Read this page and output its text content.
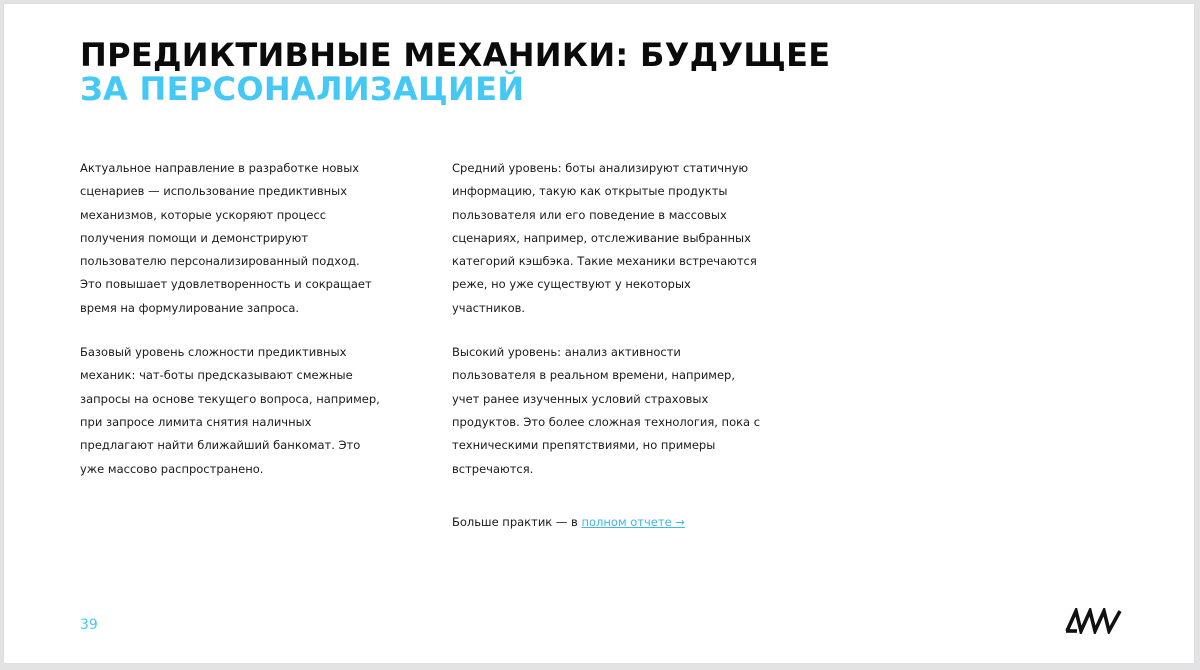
ПРЕДИКТИВНЫЕ МЕХАНИКИ: БУДУЩЕЕ
ЗА ПЕРСОНАЛИЗАЦИЕЙ

Актуальное направление в разработке новых сценариев — использование предиктивных механизмов, которые ускоряют процесс получения помощи и демонстрируют пользователю персонализированный подход. Это повышает удовлетворенность и сокращает время на формулирование запроса.

Базовый уровень сложности предиктивных механик: чат-боты предсказывают смежные запросы на основе текущего вопроса, например, при запросе лимита снятия наличных предлагают найти ближайший банкомат. Это уже массово распространено.

Средний уровень: боты анализируют статичную информацию, такую как открытые продукты пользователя или его поведение в массовых сценариях, например, отслеживание выбранных категорий кэшбэка. Такие механики встречаются реже, но уже существуют у некоторых участников.

Высокий уровень: анализ активности пользователя в реальном времени, например, учет ранее изученных условий страховых продуктов. Это более сложная технология, пока с техническими препятствиями, но примеры встречаются.

Больше практик — в полном отчете →

39
